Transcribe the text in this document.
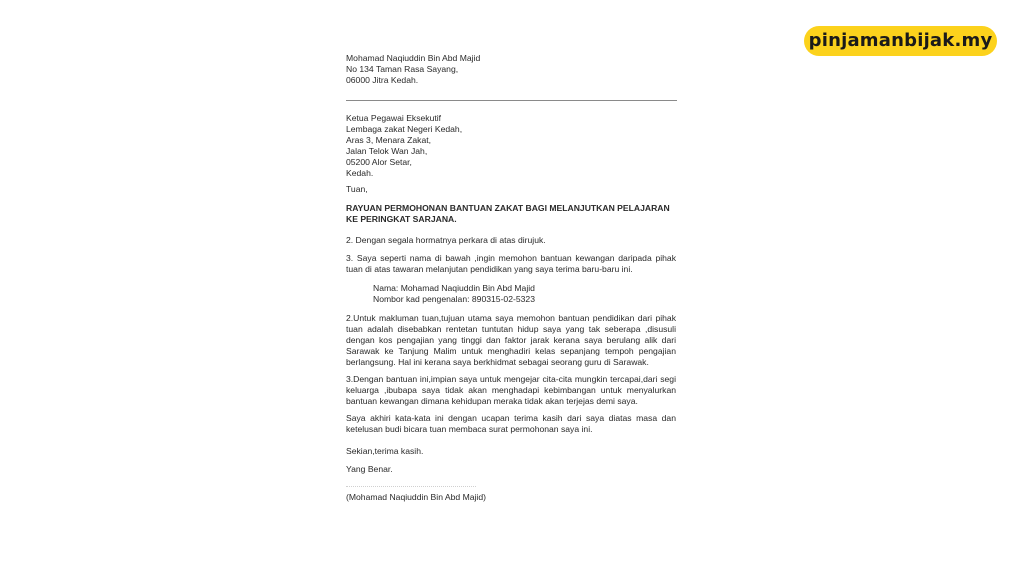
pinjamanbijak.my
Mohamad Naqiuddin Bin Abd Majid
No 134 Taman Rasa Sayang,
06000 Jitra Kedah.
Ketua Pegawai Eksekutif
Lembaga zakat Negeri Kedah,
Aras 3, Menara Zakat,
Jalan Telok Wan Jah,
05200 Alor Setar,
Kedah.
Tuan,
RAYUAN PERMOHONAN BANTUAN ZAKAT BAGI MELANJUTKAN PELAJARAN
KE PERINGKAT SARJANA.
2. Dengan segala hormatnya perkara di atas dirujuk.
3. Saya seperti nama di bawah ,ingin memohon bantuan kewangan daripada pihak tuan di atas tawaran melanjutan pendidikan yang saya terima baru-baru ini.
Nama: Mohamad Naqiuddin Bin Abd Majid
Nombor kad pengenalan: 890315-02-5323
2.Untuk makluman tuan,tujuan utama saya memohon bantuan pendidikan dari pihak tuan adalah disebabkan rentetan tuntutan hidup saya yang tak seberapa ,disusuli dengan kos pengajian yang tinggi dan faktor jarak kerana saya berulang alik dari Sarawak ke Tanjung Malim untuk menghadiri kelas sepanjang tempoh pengajian berlangsung. Hal ini kerana saya berkhidmat sebagai seorang guru di Sarawak.
3.Dengan bantuan ini,impian saya untuk mengejar cita-cita mungkin tercapai,dari segi keluarga ,ibubapa saya tidak akan menghadapi kebimbangan untuk menyalurkan bantuan kewangan dimana kehidupan meraka tidak akan terjejas demi saya.
Saya akhiri kata-kata ini dengan ucapan terima kasih dari saya diatas masa dan ketelusan budi bicara tuan membaca surat permohonan saya ini.
Sekian,terima kasih.
Yang Benar.
(Mohamad Naqiuddin Bin Abd Majid)
